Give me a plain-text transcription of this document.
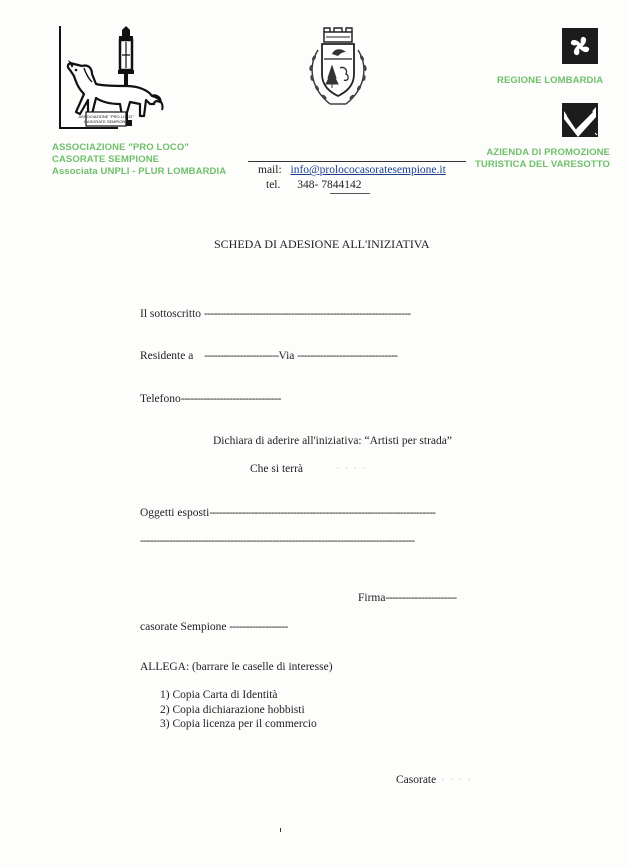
ASSOCIAZIONE "PRO LOCO"
CASORATE SEMPIONE
ASSOCIAZIONE "PRO LOCO"
CASORATE SEMPIONE
Associata UNPLI - PLUR LOMBARDIA
REGIONE LOMBARDIA
AZIENDA DI PROMOZIONE
TURISTICA DEL VARESOTTO
mail: info@prolococasoratesempione.it
tel. 348- 7844142
SCHEDA DI ADESIONE ALL'INIZIATIVA
Il sottoscritto ----------------------------------------------------------------
Residente a -----------------------Via -------------------------------
Telefono-------------------------------
Dichiara di aderire all'iniziativa: “Artisti per strada”
Che si terrà	· · · ·
Oggetti esposti----------------------------------------------------------------------
-------------------------------------------------------------------------------------
Firma----------------------
casorate Sempione ------------------
ALLEGA: (barrare le caselle di interesse)
1) Copia Carta di Identità
2) Copia dichiarazione hobbisti
3) Copia licenza per il commercio
Casorate · · · ·
